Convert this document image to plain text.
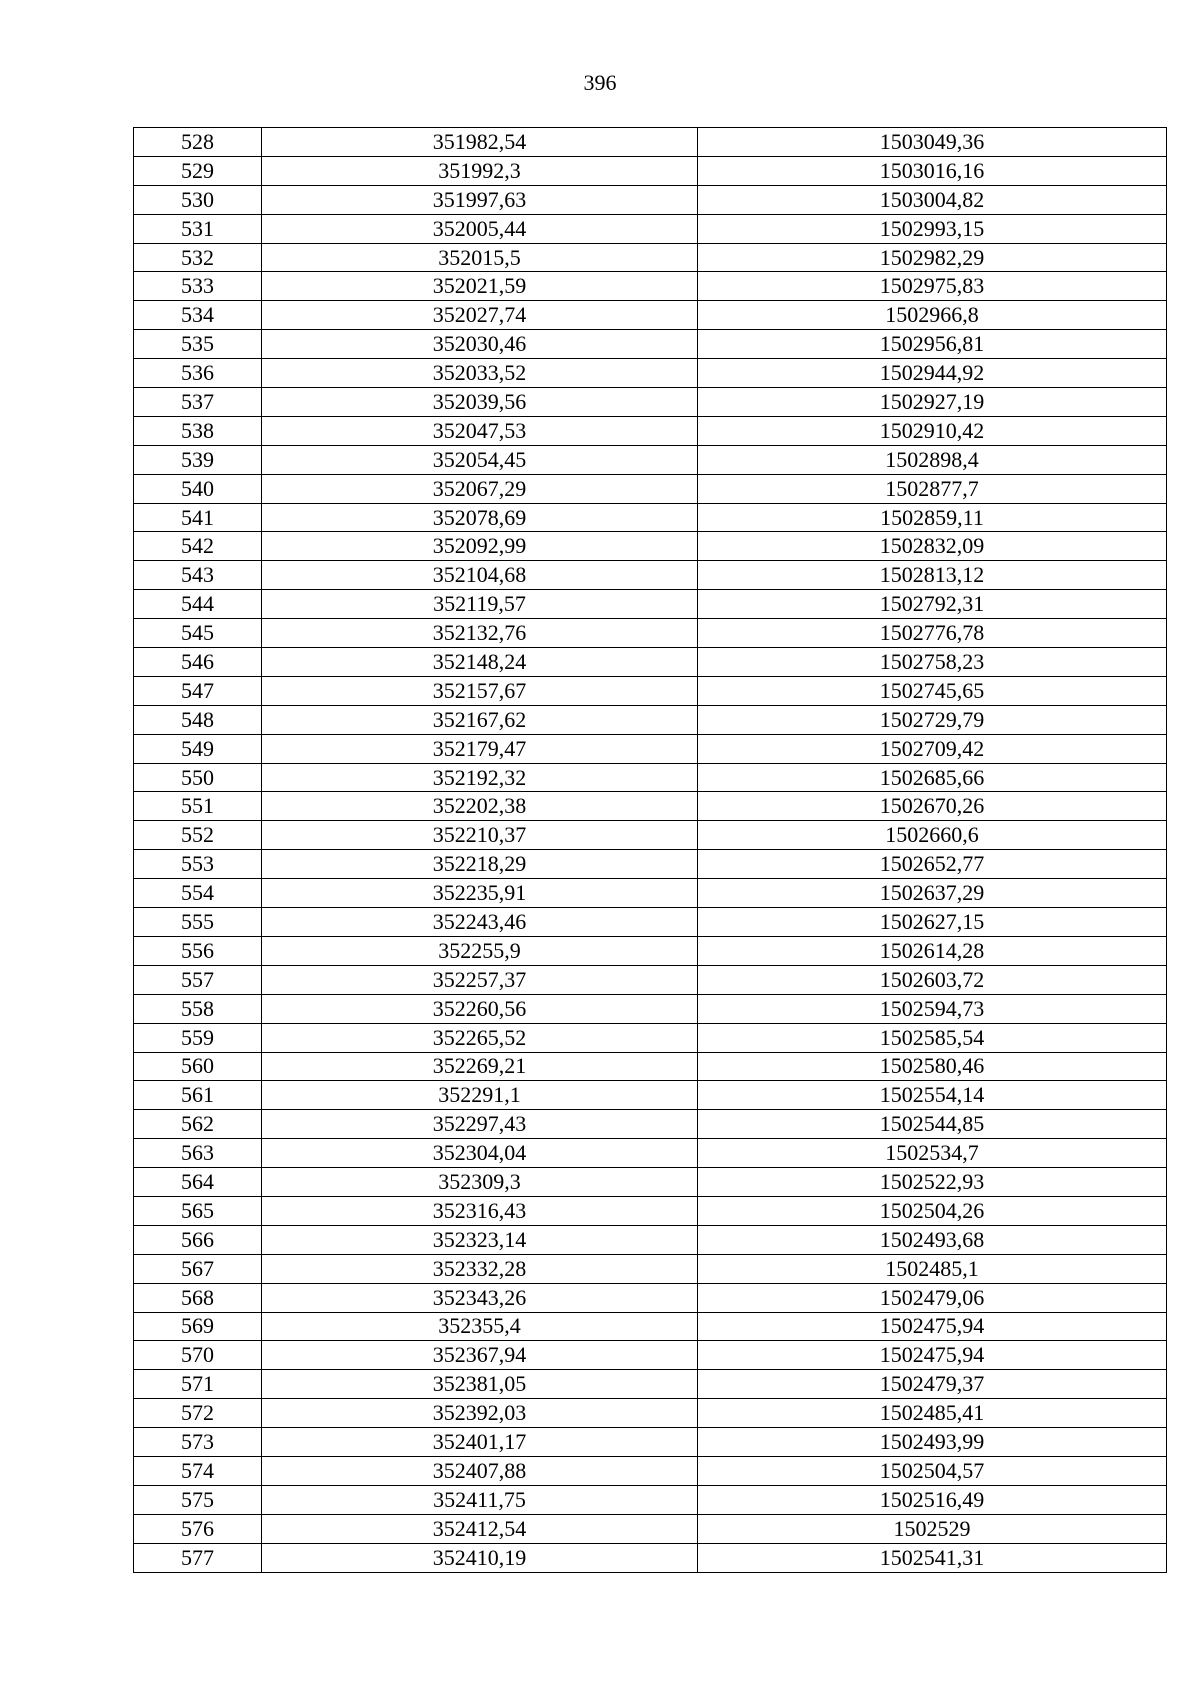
396
528	351982,54	1503049,36
529	351992,3	1503016,16
530	351997,63	1503004,82
531	352005,44	1502993,15
532	352015,5	1502982,29
533	352021,59	1502975,83
534	352027,74	1502966,8
535	352030,46	1502956,81
536	352033,52	1502944,92
537	352039,56	1502927,19
538	352047,53	1502910,42
539	352054,45	1502898,4
540	352067,29	1502877,7
541	352078,69	1502859,11
542	352092,99	1502832,09
543	352104,68	1502813,12
544	352119,57	1502792,31
545	352132,76	1502776,78
546	352148,24	1502758,23
547	352157,67	1502745,65
548	352167,62	1502729,79
549	352179,47	1502709,42
550	352192,32	1502685,66
551	352202,38	1502670,26
552	352210,37	1502660,6
553	352218,29	1502652,77
554	352235,91	1502637,29
555	352243,46	1502627,15
556	352255,9	1502614,28
557	352257,37	1502603,72
558	352260,56	1502594,73
559	352265,52	1502585,54
560	352269,21	1502580,46
561	352291,1	1502554,14
562	352297,43	1502544,85
563	352304,04	1502534,7
564	352309,3	1502522,93
565	352316,43	1502504,26
566	352323,14	1502493,68
567	352332,28	1502485,1
568	352343,26	1502479,06
569	352355,4	1502475,94
570	352367,94	1502475,94
571	352381,05	1502479,37
572	352392,03	1502485,41
573	352401,17	1502493,99
574	352407,88	1502504,57
575	352411,75	1502516,49
576	352412,54	1502529
577	352410,19	1502541,31
